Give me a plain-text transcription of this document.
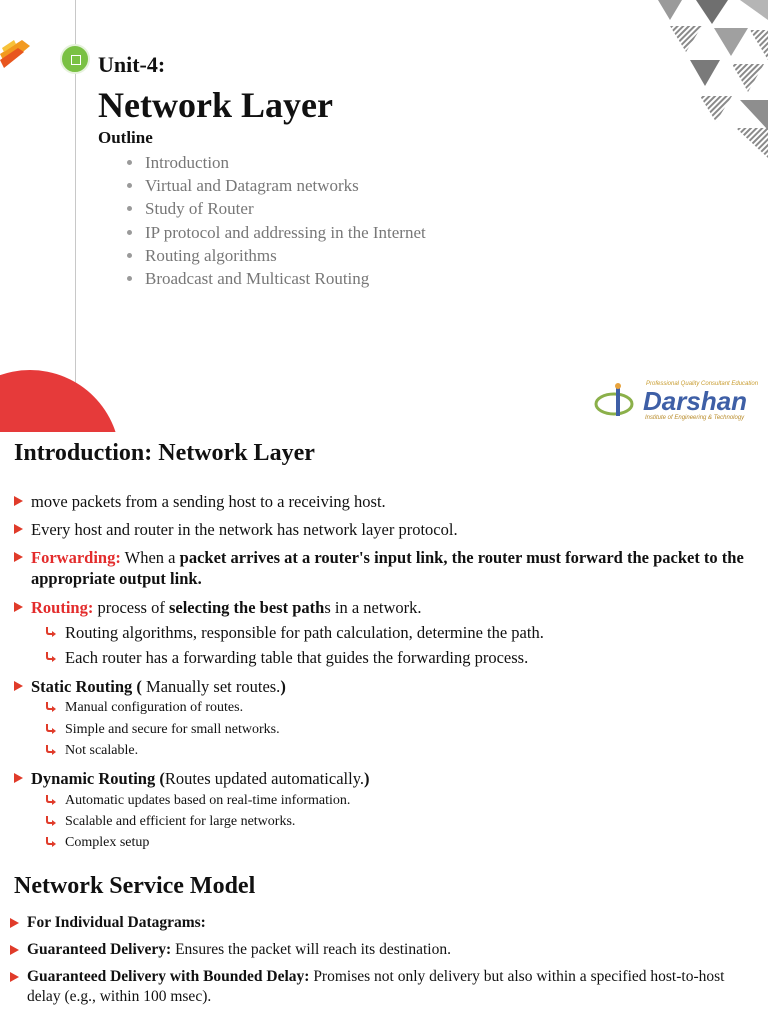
Unit-4:
Network Layer
Outline
Introduction
Virtual and Datagram networks
Study of Router
IP protocol and addressing in the Internet
Routing algorithms
Broadcast and Multicast Routing
Professional Quality Consultant Education
Darshan
Institute of Engineering & Technology
Introduction: Network Layer
move packets from a sending host to a receiving host.
Every host and router in the network has network layer protocol.
Forwarding: When a packet arrives at a router's input link, the router must forward the packet to the appropriate output link.
Routing: process of selecting the best paths in a network.
Routing algorithms, responsible for path calculation, determine the path.
Each router has a forwarding table that guides the forwarding process.
Static Routing ( Manually set routes.)
Manual configuration of routes.
Simple and secure for small networks.
Not scalable.
Dynamic Routing (Routes updated automatically.)
Automatic updates based on real-time information.
Scalable and efficient for large networks.
Complex setup
Network Service Model
For Individual Datagrams:
Guaranteed Delivery: Ensures the packet will reach its destination.
Guaranteed Delivery with Bounded Delay: Promises not only delivery but also within a specified host-to-host delay (e.g., within 100 msec).
